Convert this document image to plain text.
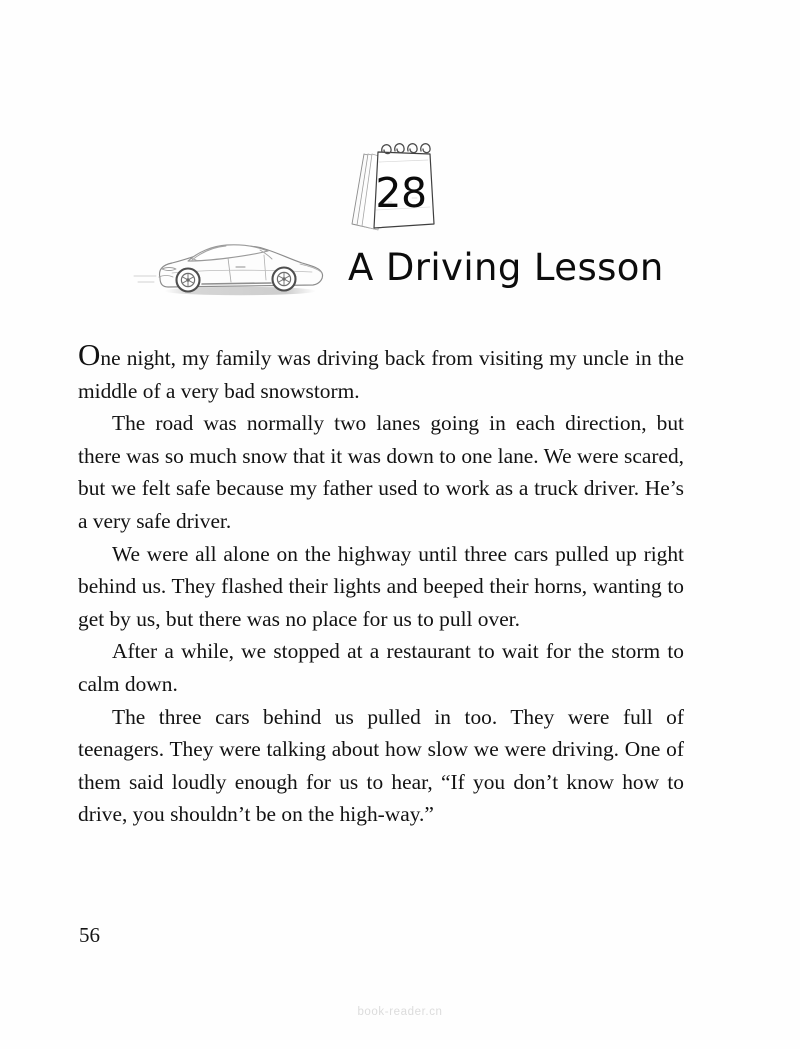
28
A Driving Lesson

One night, my family was driving back from visiting my uncle in the middle of a very bad snowstorm.

The road was normally two lanes going in each direction, but there was so much snow that it was down to one lane. We were scared, but we felt safe because my father used to work as a truck driver. He’s a very safe driver.

We were all alone on the highway until three cars pulled up right behind us. They flashed their lights and beeped their horns, wanting to get by us, but there was no place for us to pull over.

After a while, we stopped at a restaurant to wait for the storm to calm down.

The three cars behind us pulled in too. They were full of teenagers. They were talking about how slow we were driving. One of them said loudly enough for us to hear, “If you don’t know how to drive, you shouldn’t be on the high-way.”

56
book-reader.cn
